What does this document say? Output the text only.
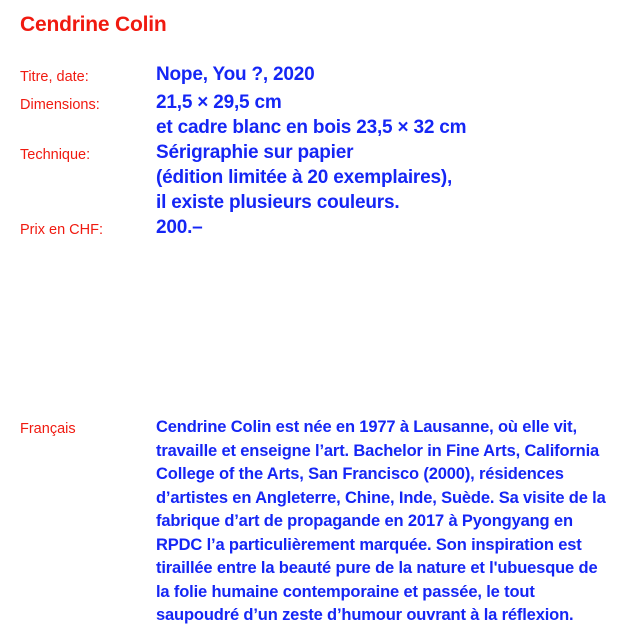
Cendrine Colin
Titre, date:	Nope, You ?, 2020
Dimensions:	21,5 × 29,5 cm
et cadre blanc en bois 23,5 × 32 cm
Technique:	Sérigraphie sur papier
(édition limitée à 20 exemplaires),
il existe plusieurs couleurs.
Prix en CHF:	200.–
Français	Cendrine Colin est née en 1977 à Lausanne, où elle vit, travaille et enseigne l’art. Bachelor in Fine Arts, California College of the Arts, San Francisco (2000), résidences d’artistes en Angleterre, Chine, Inde, Suède. Sa visite de la fabrique d’art de propagande en 2017 à Pyongyang en RPDC l’a particulièrement marquée. Son inspiration est tiraillée entre la beauté pure de la nature et l'ubuesque de la folie humaine contemporaine et passée, le tout saupoudré d’un zeste d’humour ouvrant à la réflexion.
